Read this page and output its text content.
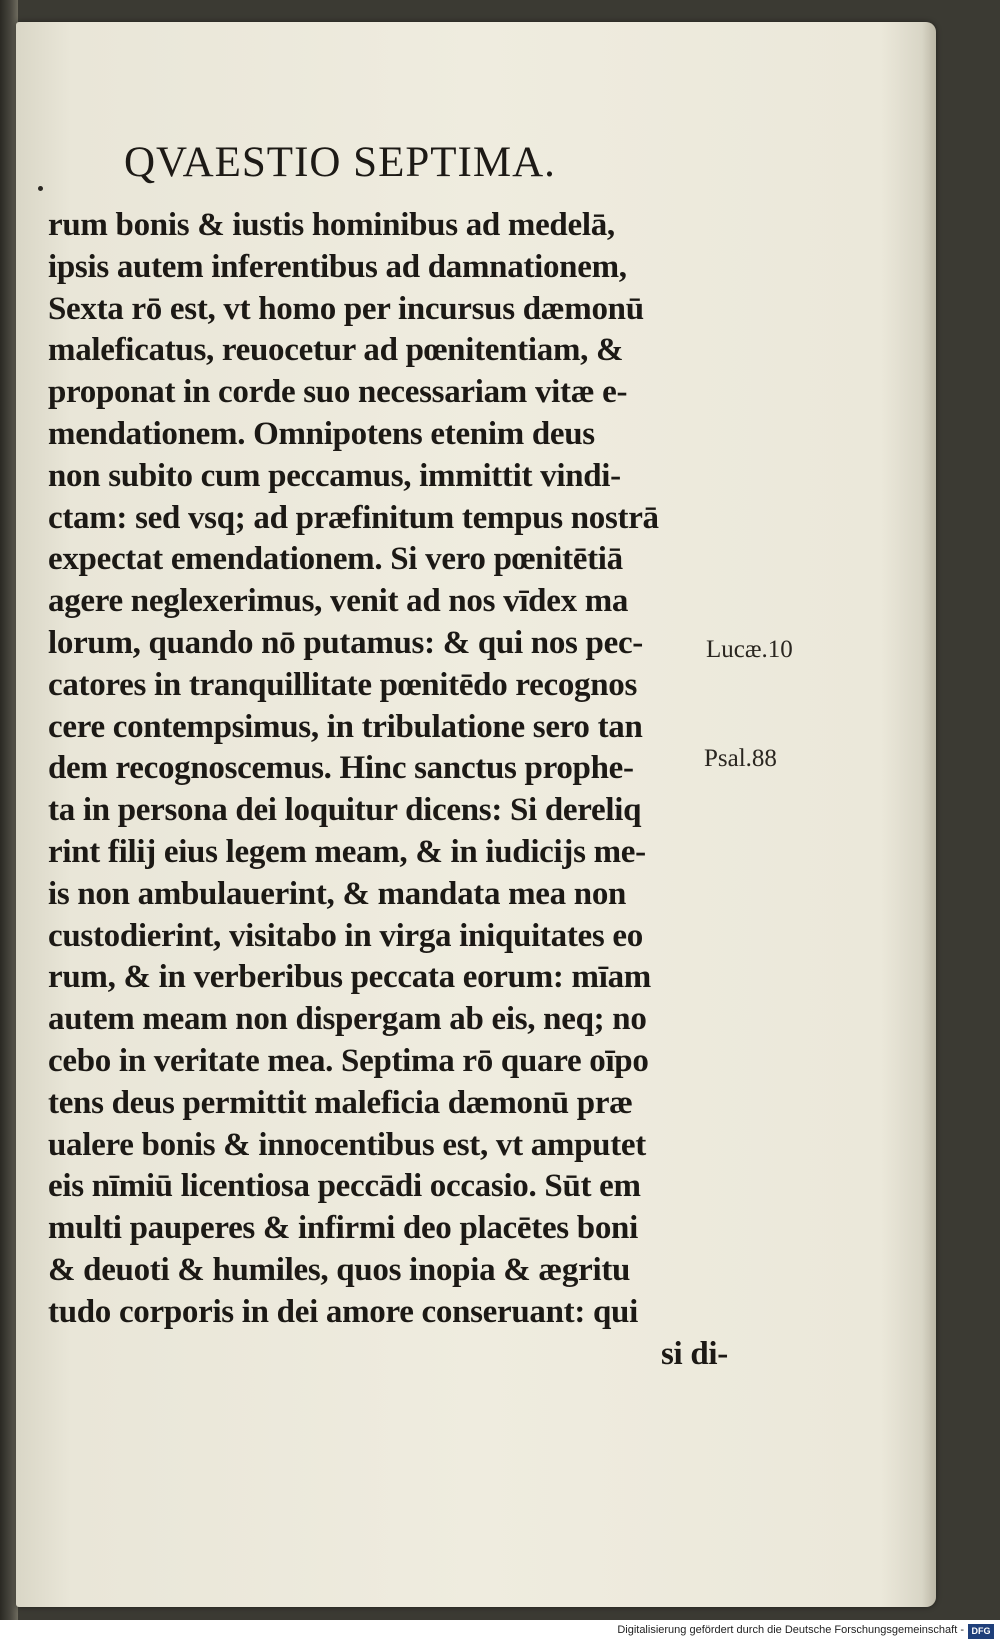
QVAESTIO SEPTIMA.
rum bonis & iustis hominibus ad medelā,
ipsis autem inferentibus ad damnationem,
Sexta rō est, vt homo per incursus dæmonū
maleficatus, reuocetur ad pœnitentiam, &
proponat in corde suo necessariam vitæ e-
mendationem. Omnipotens etenim deus
non subito cum peccamus, immittit vindi-
ctam: sed vsq; ad præfinitum tempus nostrā
expectat emendationem. Si vero pœnitētiā
agere neglexerimus, venit ad nos vīdex ma
lorum, quando nō putamus: & qui nos pec-
catores in tranquillitate pœnitēdo recognos
cere contempsimus, in tribulatione sero tan
dem recognoscemus. Hinc sanctus prophe-
ta in persona dei loquitur dicens: Si dereliq
rint filij eius legem meam, & in iudicijs me-
is non ambulauerint, & mandata mea non
custodierint, visitabo in virga iniquitates eo
rum, & in verberibus peccata eorum: mīam
autem meam non dispergam ab eis, neq; no
cebo in veritate mea. Septima rō quare oīpo
tens deus permittit maleficia dæmonū præ
ualere bonis & innocentibus est, vt amputet
eis nīmiū licentiosa peccādi occasio. Sūt em
multi pauperes & infirmi deo placētes boni
& deuoti & humiles, quos inopia & ægritu
tudo corporis in dei amore conseruant: qui
si di-
Lucæ.10
Psal.88
Digitalisierung gefördert durch die Deutsche Forschungsgemeinschaft - DFG
